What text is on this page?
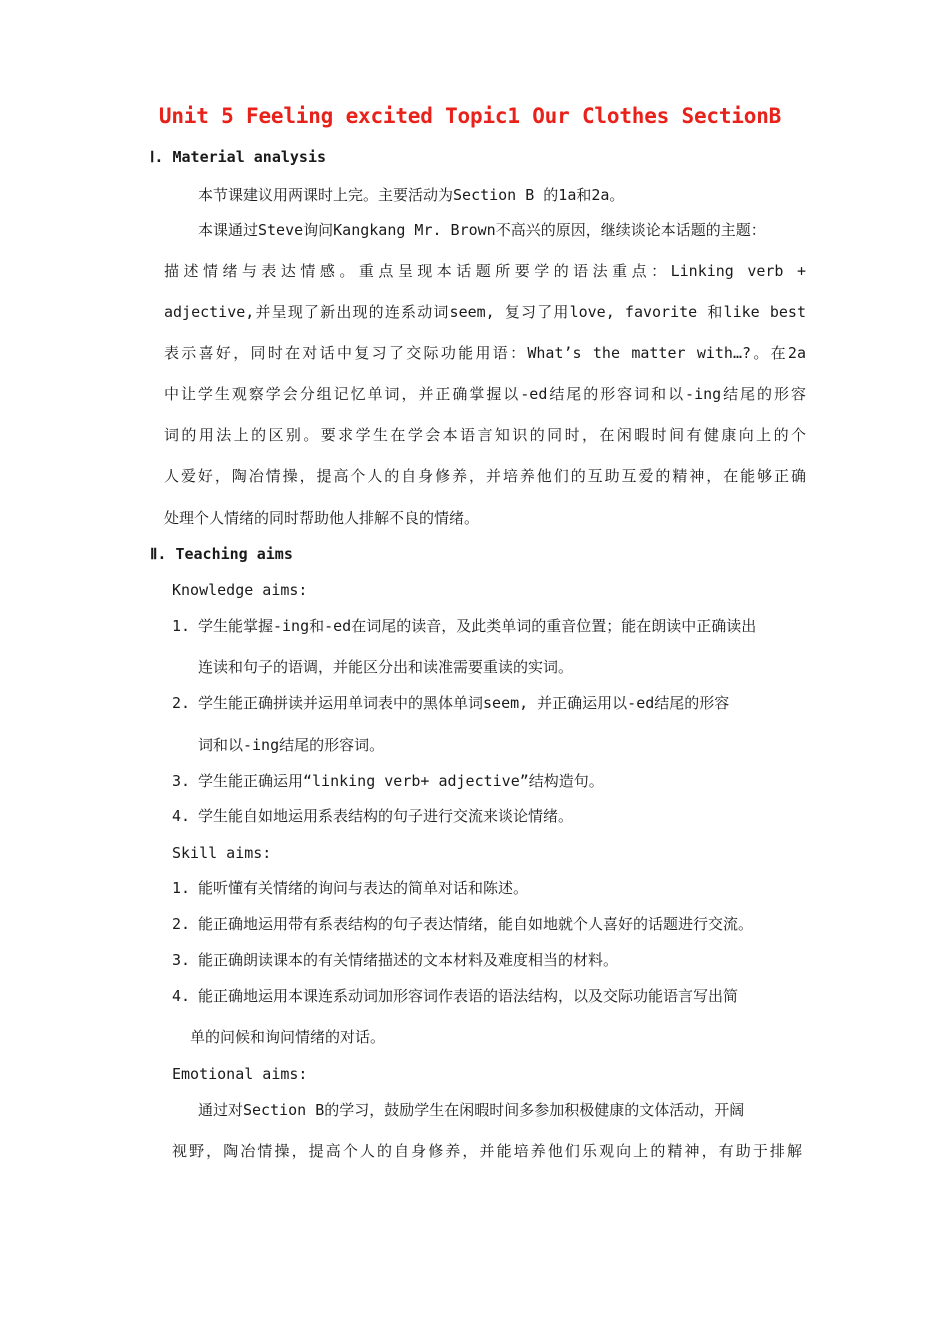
Unit 5 Feeling excited Topic1 Our Clothes SectionB
Ⅰ. Material analysis
本节课建议用两课时上完。主要活动为Section B 的1a和2a。
本课通过Steve询问Kangkang Mr. Brown不高兴的原因，继续谈论本话题的主题：
描述情绪与表达情感。重点呈现本话题所要学的语法重点：Linking verb +
adjective,并呈现了新出现的连系动词seem, 复习了用love, favorite 和like best
表示喜好，同时在对话中复习了交际功能用语：What’s the matter with…?。在2a
中让学生观察学会分组记忆单词，并正确掌握以-ed结尾的形容词和以-ing结尾的形容
词的用法上的区别。要求学生在学会本语言知识的同时，在闲暇时间有健康向上的个
人爱好，陶冶情操，提高个人的自身修养，并培养他们的互助互爱的精神，在能够正确
处理个人情绪的同时帮助他人排解不良的情绪。
Ⅱ. Teaching aims
Knowledge aims:
1. 学生能掌握-ing和-ed在词尾的读音，及此类单词的重音位置；能在朗读中正确读出
连读和句子的语调，并能区分出和读准需要重读的实词。
2. 学生能正确拼读并运用单词表中的黑体单词seem, 并正确运用以-ed结尾的形容
词和以-ing结尾的形容词。
3. 学生能正确运用“linking verb+ adjective”结构造句。
4. 学生能自如地运用系表结构的句子进行交流来谈论情绪。
Skill aims:
1. 能听懂有关情绪的询问与表达的简单对话和陈述。
2. 能正确地运用带有系表结构的句子表达情绪，能自如地就个人喜好的话题进行交流。
3. 能正确朗读课本的有关情绪描述的文本材料及难度相当的材料。
4. 能正确地运用本课连系动词加形容词作表语的语法结构，以及交际功能语言写出简
单的问候和询问情绪的对话。
Emotional aims:
通过对Section B的学习，鼓励学生在闲暇时间多参加积极健康的文体活动，开阔
视野，陶冶情操，提高个人的自身修养，并能培养他们乐观向上的精神，有助于排解
